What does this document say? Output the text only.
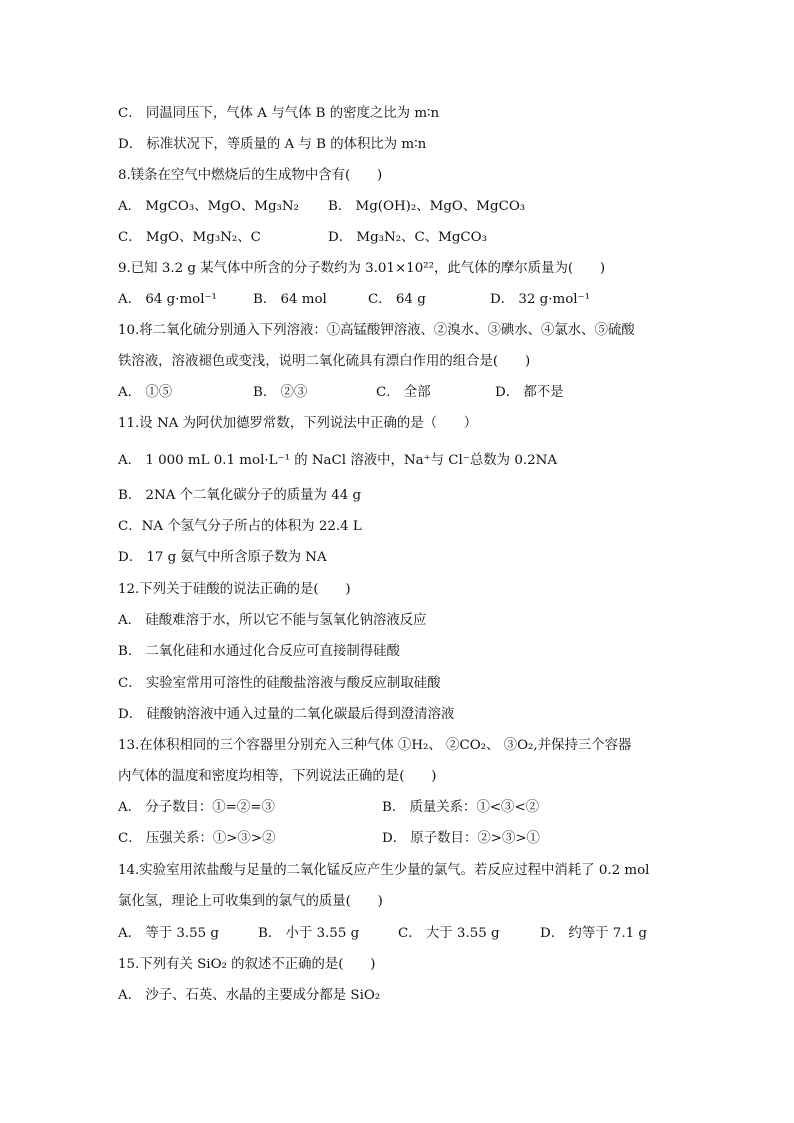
C． 同温同压下，气体 A 与气体 B 的密度之比为 m∶n
D． 标准状况下，等质量的 A 与 B 的体积比为 m∶n
8.镁条在空气中燃烧后的生成物中含有(　　)
A． MgCO₃、MgO、Mg₃N₂ B． Mg(OH)₂、MgO、MgCO₃
C． MgO、Mg₃N₂、C	D． Mg₃N₂、C、MgCO₃
9.已知 3.2 g 某气体中所含的分子数约为 3.01×10²²，此气体的摩尔质量为(　　)
A． 64 g·mol⁻¹	B． 64 mol	C． 64 g	D． 32 g·mol⁻¹
10.将二氧化硫分别通入下列溶液：①高锰酸钾溶液、②溴水、③碘水、④氯水、⑤硫酸
铁溶液，溶液褪色或变浅，说明二氧化硫具有漂白作用的组合是(　　)
A． ①⑤	B． ②③	C． 全部	D． 都不是
11.设 NA 为阿伏加德罗常数，下列说法中正确的是（　　）
A． 1 000 mL 0.1 mol·L⁻¹ 的 NaCl 溶液中，Na⁺与 Cl⁻总数为 0.2NA
B． 2NA 个二氧化碳分子的质量为 44 g
C．NA 个氢气分子所占的体积为 22.4 L
D． 17 g 氨气中所含原子数为 NA
12.下列关于硅酸的说法正确的是(　　)
A． 硅酸难溶于水，所以它不能与氢氧化钠溶液反应
B． 二氧化硅和水通过化合反应可直接制得硅酸
C． 实验室常用可溶性的硅酸盐溶液与酸反应制取硅酸
D． 硅酸钠溶液中通入过量的二氧化碳最后得到澄清溶液
13.在体积相同的三个容器里分别充入三种气体 ①H₂、 ②CO₂、 ③O₂,并保持三个容器
内气体的温度和密度均相等，下列说法正确的是(　　)
A． 分子数目：①=②=③	B． 质量关系：①<③<②
C． 压强关系：①>③>②	D． 原子数目：②>③>①
14.实验室用浓盐酸与足量的二氧化锰反应产生少量的氯气。若反应过程中消耗了 0.2 mol
氯化氢，理论上可收集到的氯气的质量(　　)
A． 等于 3.55 g	B． 小于 3.55 g	C． 大于 3.55 g	D． 约等于 7.1 g
15.下列有关 SiO₂ 的叙述不正确的是(　　)
A． 沙子、石英、水晶的主要成分都是 SiO₂
